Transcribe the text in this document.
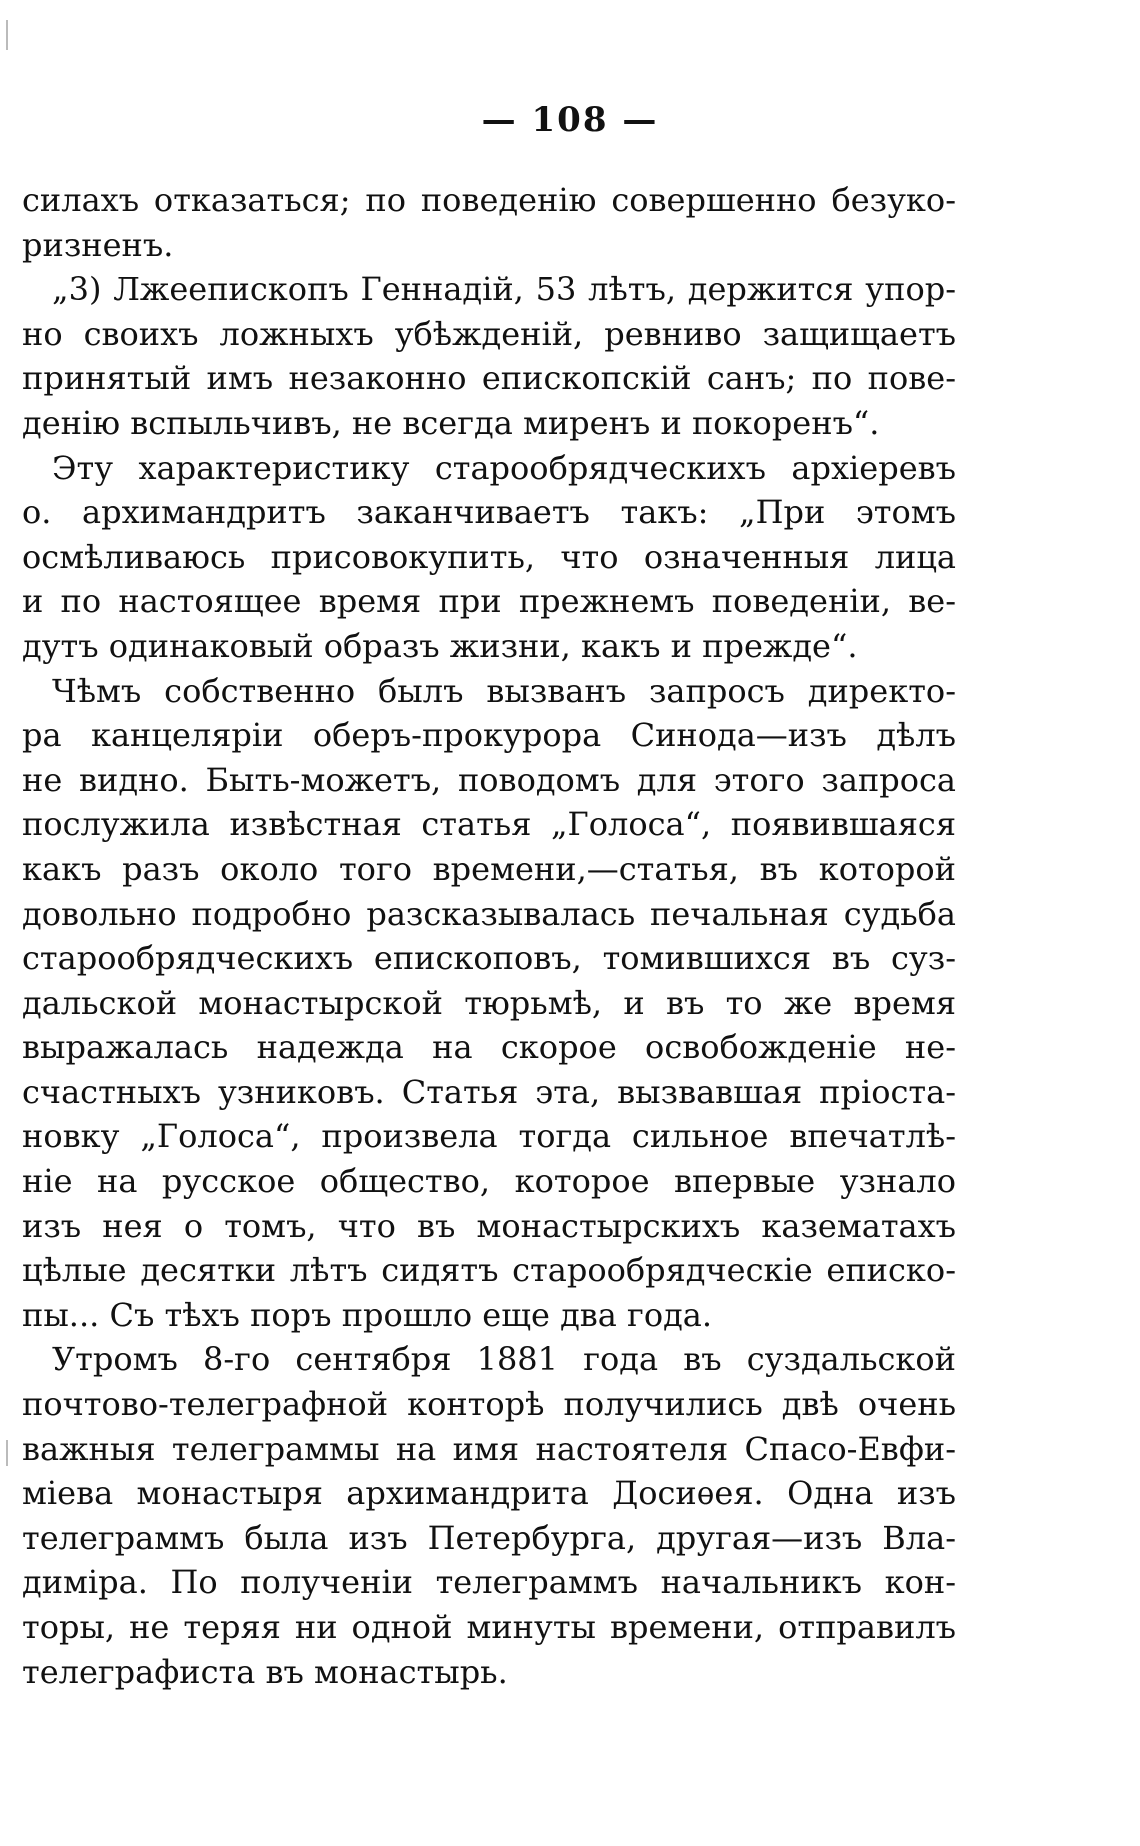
— 108 —
силахъ отказаться; по поведенію совершенно безуко-
ризненъ.
„3) Лжеепископъ Геннадій, 53 лѣтъ, держится упор-
но своихъ ложныхъ убѣжденій, ревниво защищаетъ
принятый имъ незаконно епископскій санъ; по пове-
денію вспыльчивъ, не всегда миренъ и покоренъ“.
Эту характеристику старообрядческихъ архіеревъ
о. архимандритъ заканчиваетъ такъ: „При этомъ
осмѣливаюсь присовокупить, что означенныя лица
и по настоящее время при прежнемъ поведеніи, ве-
дутъ одинаковый образъ жизни, какъ и прежде“.
Чѣмъ собственно былъ вызванъ запросъ директо-
ра канцеляріи оберъ-прокурора Синода—изъ дѣлъ
не видно. Быть-можетъ, поводомъ для этого запроса
послужила извѣстная статья „Голоса“, появившаяся
какъ разъ около того времени,—статья, въ которой
довольно подробно разсказывалась печальная судьба
старообрядческихъ епископовъ, томившихся въ суз-
дальской монастырской тюрьмѣ, и въ то же время
выражалась надежда на скорое освобожденіе не-
счастныхъ узниковъ. Статья эта, вызвавшая пріоста-
новку „Голоса“, произвела тогда сильное впечатлѣ-
ніе на русское общество, которое впервые узнало
изъ нея о томъ, что въ монастырскихъ казематахъ
цѣлые десятки лѣтъ сидятъ старообрядческіе еписко-
пы... Съ тѣхъ поръ прошло еще два года.
Утромъ 8-го сентября 1881 года въ суздальской
почтово-телеграфной конторѣ получились двѣ очень
важныя телеграммы на имя настоятеля Спасо-Евфи-
міева монастыря архимандрита Досиѳея. Одна изъ
телеграммъ была изъ Петербурга, другая—изъ Вла-
диміра. По полученіи телеграммъ начальникъ кон-
торы, не теряя ни одной минуты времени, отправилъ
телеграфиста въ монастырь.
